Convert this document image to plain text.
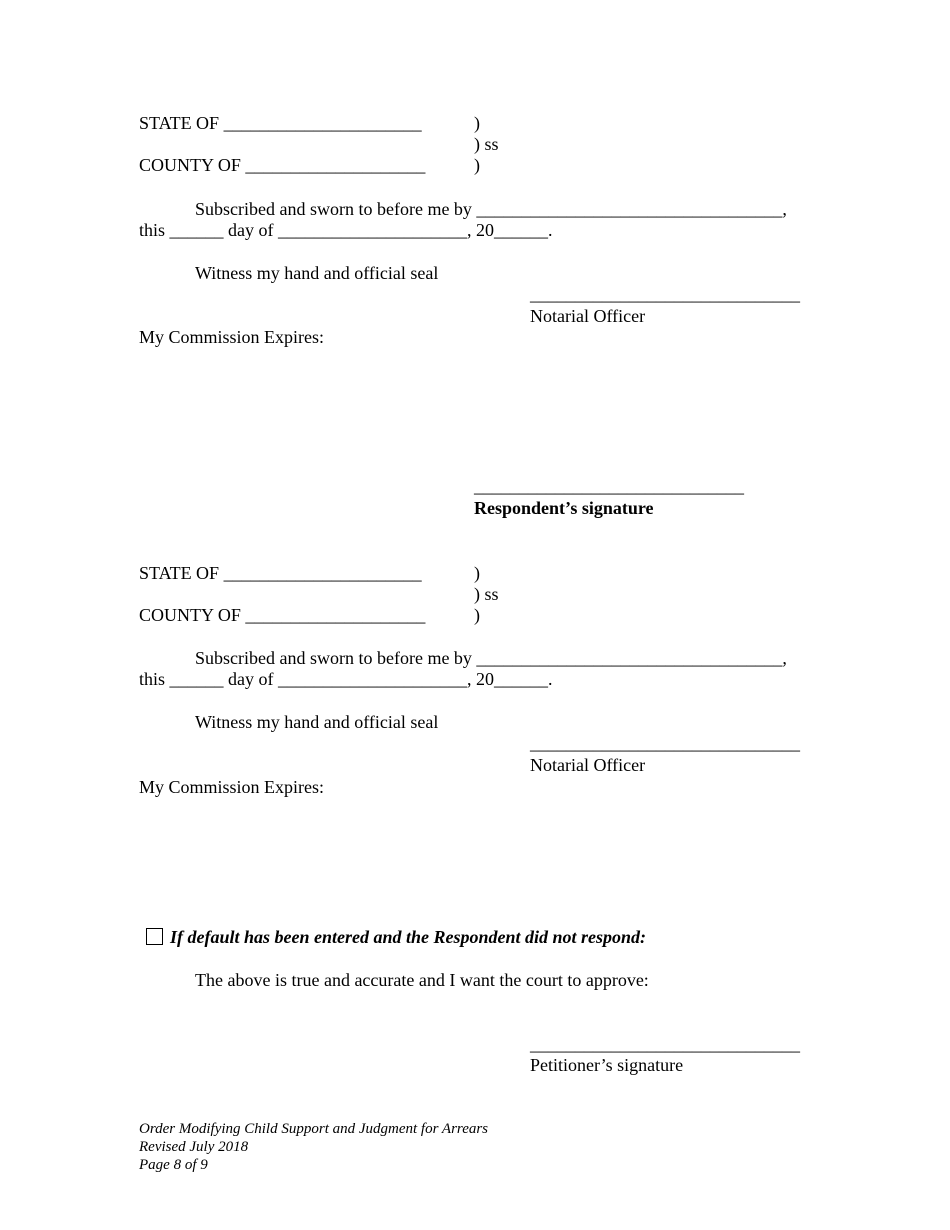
STATE OF ______________________	)
) ss
COUNTY OF ____________________	)
Subscribed and sworn to before me by __________________________________,
this ______ day of _____________________, 20______.
Witness my hand and official seal
______________________________
Notarial Officer
My Commission Expires:
______________________________
Respondent’s signature
STATE OF ______________________	)
) ss
COUNTY OF ____________________	)
Subscribed and sworn to before me by __________________________________,
this ______ day of _____________________, 20______.
Witness my hand and official seal
______________________________
Notarial Officer
My Commission Expires:
If default has been entered and the Respondent did not respond:
The above is true and accurate and I want the court to approve:
______________________________
Petitioner’s signature
Order Modifying Child Support and Judgment for Arrears
Revised July 2018
Page 8 of 9
